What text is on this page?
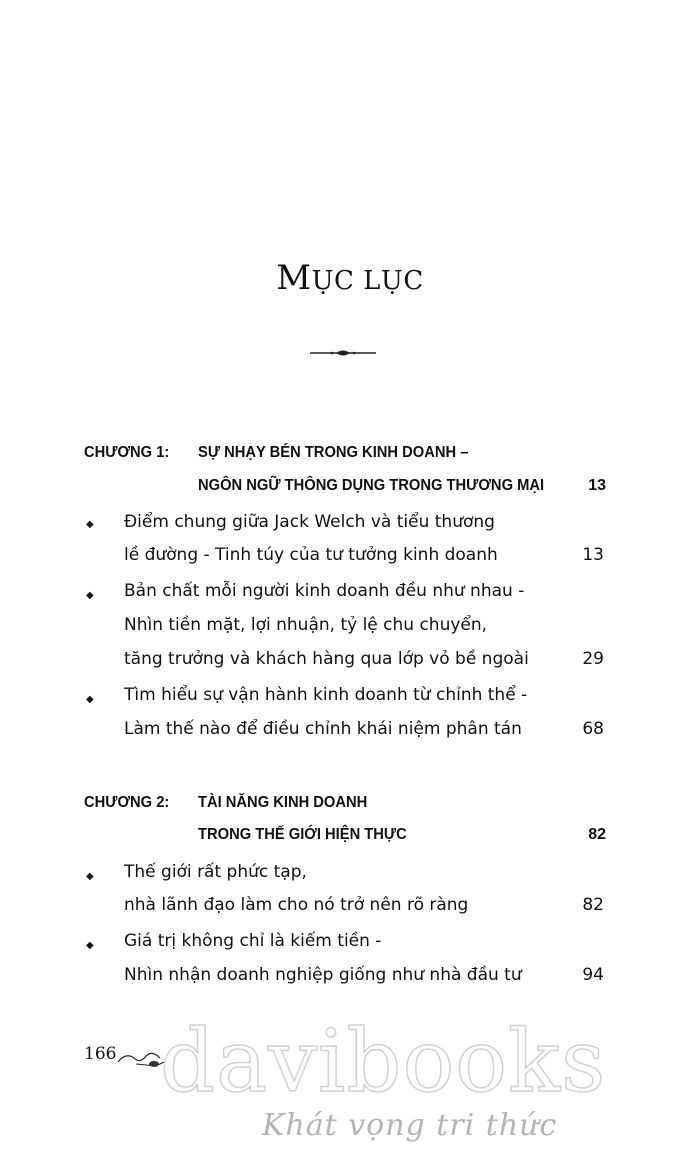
MỤC LỤC
CHƯƠNG 1: SỰ NHẠY BÉN TRONG KINH DOANH –
NGÔN NGỮ THÔNG DỤNG TRONG THƯƠNG MẠI	13
◆ Điểm chung giữa Jack Welch và tiểu thương
lề đường - Tinh túy của tư tưởng kinh doanh	13
◆ Bản chất mỗi người kinh doanh đều như nhau -
Nhìn tiền mặt, lợi nhuận, tỷ lệ chu chuyển,
tăng trưởng và khách hàng qua lớp vỏ bề ngoài	29
◆ Tìm hiểu sự vận hành kinh doanh từ chỉnh thể -
Làm thế nào để điều chỉnh khái niệm phân tán	68
CHƯƠNG 2: TÀI NĂNG KINH DOANH
TRONG THẾ GIỚI HIỆN THỰC	82
◆ Thế giới rất phức tạp,
nhà lãnh đạo làm cho nó trở nên rõ ràng	82
◆ Giá trị không chỉ là kiếm tiền -
Nhìn nhận doanh nghiệp giống như nhà đầu tư	94
166 davibooks
Khát vọng tri thức
